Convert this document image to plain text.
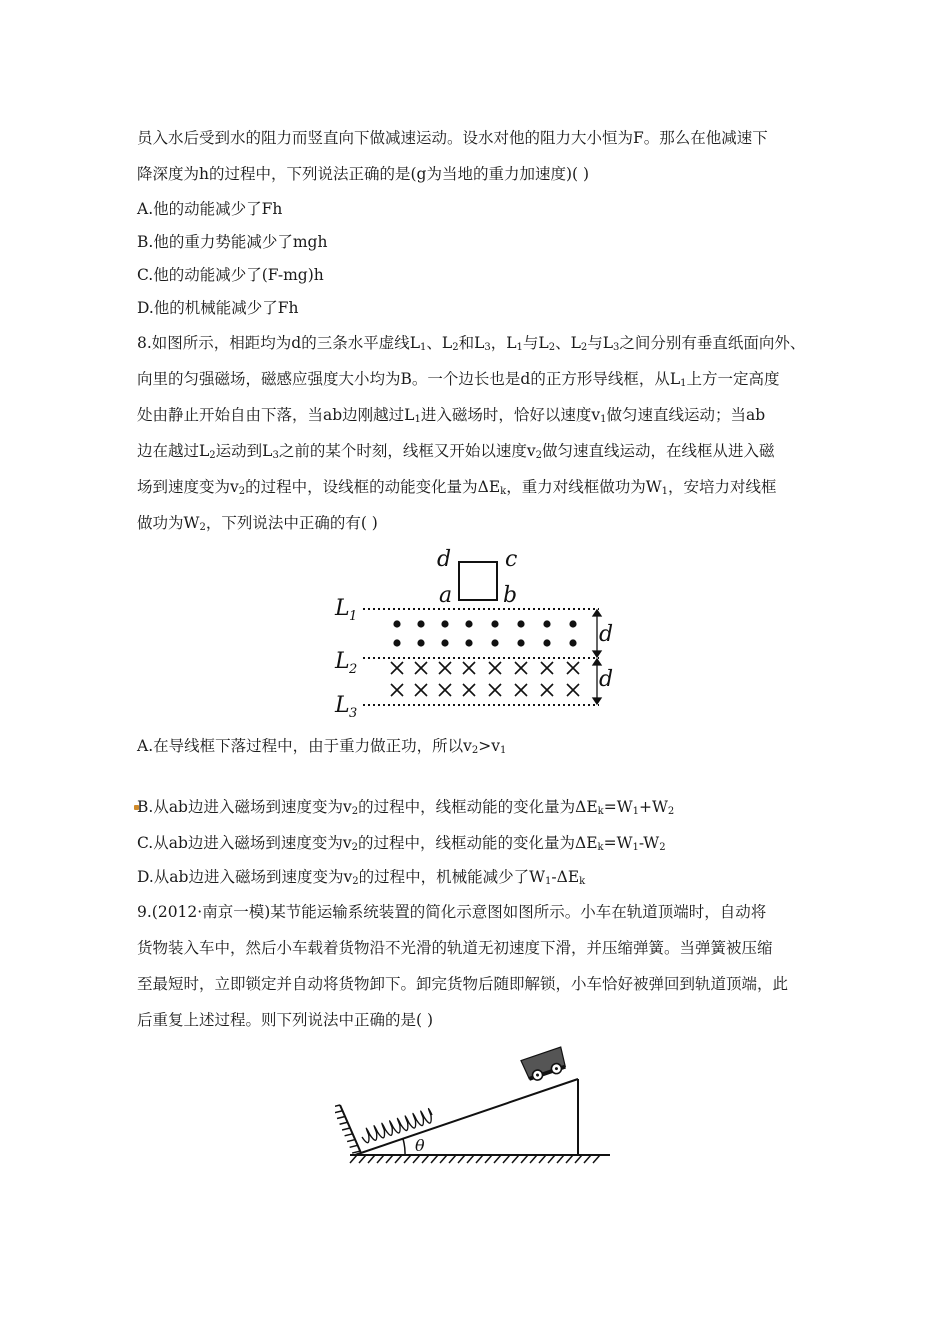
员入水后受到水的阻力而竖直向下做减速运动。设水对他的阻力大小恒为F。那么在他减速下
降深度为h的过程中，下列说法正确的是(g为当地的重力加速度)( )
A.他的动能减少了Fh
B.他的重力势能减少了mgh
C.他的动能减少了(F-mg)h
D.他的机械能减少了Fh
8.如图所示，相距均为d的三条水平虚线$L_1$、$L_2$和$L_3$，$L_1$与$L_2$、$L_2$与$L_3$之间分别有垂直纸面向外、
向里的匀强磁场，磁感应强度大小均为B。一个边长也是d的正方形导线框，从$L_1$上方一定高度
处由静止开始自由下落，当ab边刚越过$L_1$进入磁场时，恰好以速度$v_1$做匀速直线运动；当ab
边在越过$L_2$运动到$L_3$之前的某个时刻，线框又开始以速度$v_2$做匀速直线运动，在线框从进入磁
场到速度变为$v_2$的过程中，设线框的动能变化量为$\Delta E_k$，重力对线框做功为$W_1$，安培力对线框
做功为$W_2$，下列说法中正确的有( )
d c
a b
L
L
L
d
d
1
2
3
A.在导线框下落过程中，由于重力做正功，所以$v_2>v_1$
B.从ab边进入磁场到速度变为$v_2$的过程中，线框动能的变化量为$\Delta E_k=W_1+W_2$
C.从ab边进入磁场到速度变为$v_2$的过程中，线框动能的变化量为$\Delta E_k=W_1-W_2$
D.从ab边进入磁场到速度变为$v_2$的过程中，机械能减少了$W_1-\Delta E_k$
9.(2012·南京一模)某节能运输系统装置的简化示意图如图所示。小车在轨道顶端时，自动将
货物装入车中，然后小车载着货物沿不光滑的轨道无初速度下滑，并压缩弹簧。当弹簧被压缩
至最短时，立即锁定并自动将货物卸下。卸完货物后随即解锁，小车恰好被弹回到轨道顶端，此
后重复上述过程。则下列说法中正确的是( )
θ
